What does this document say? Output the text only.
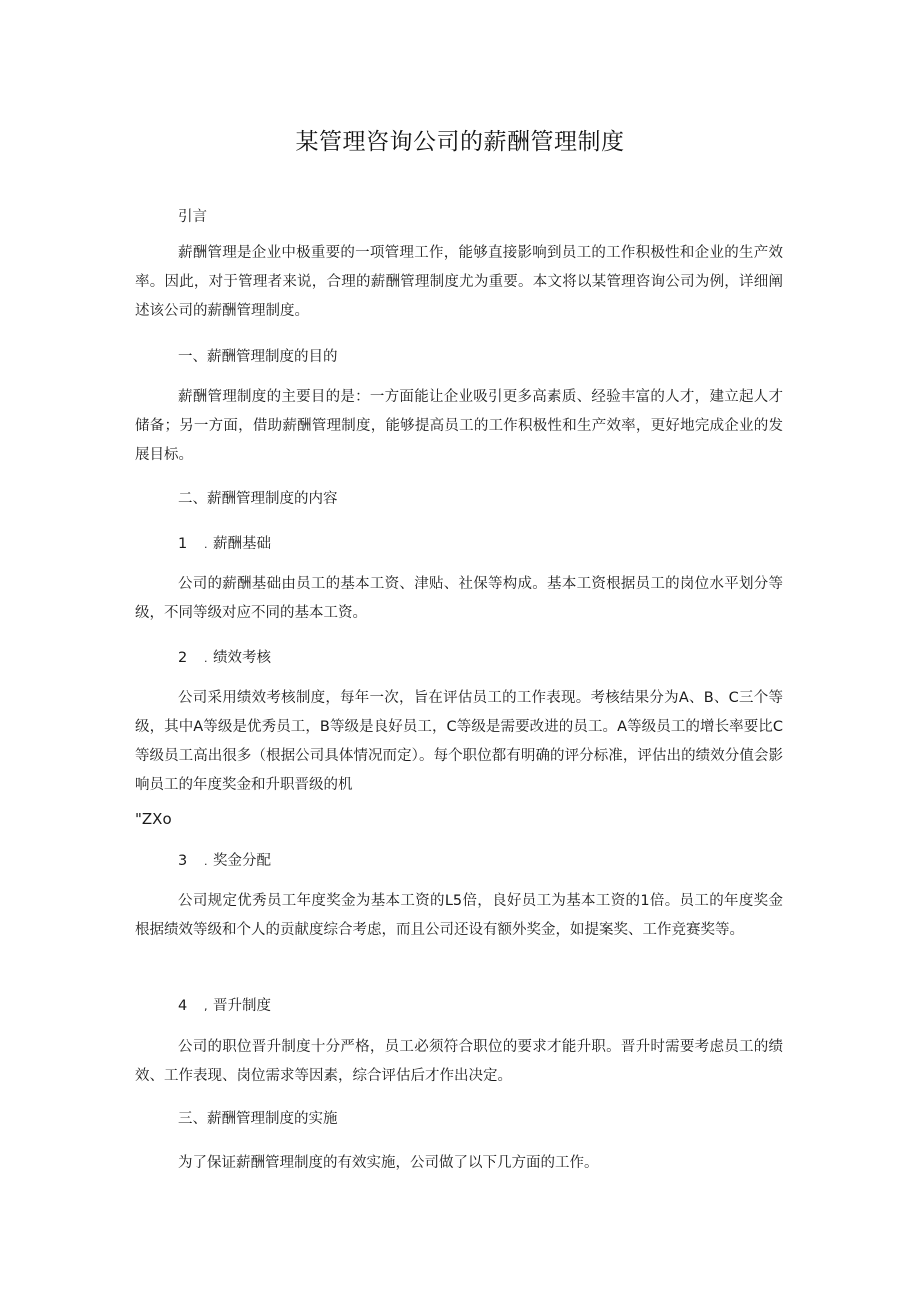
某管理咨询公司的薪酬管理制度
引言
薪酬管理是企业中极重要的一项管理工作，能够直接影响到员工的工作积极性和企业的生产效率。因此，对于管理者来说，合理的薪酬管理制度尤为重要。本文将以某管理咨询公司为例，详细阐述该公司的薪酬管理制度。
一、薪酬管理制度的目的
薪酬管理制度的主要目的是：一方面能让企业吸引更多高素质、经验丰富的人才，建立起人才储备；另一方面，借助薪酬管理制度，能够提高员工的工作积极性和生产效率，更好地完成企业的发展目标。
二、薪酬管理制度的内容
1 . 薪酬基础
公司的薪酬基础由员工的基本工资、津贴、社保等构成。基本工资根据员工的岗位水平划分等级，不同等级对应不同的基本工资。
2 . 绩效考核
公司采用绩效考核制度，每年一次，旨在评估员工的工作表现。考核结果分为A、B、C三个等级，其中A等级是优秀员工，B等级是良好员工，C等级是需要改进的员工。A等级员工的增长率要比C等级员工高出很多（根据公司具体情况而定）。每个职位都有明确的评分标准，评估出的绩效分值会影响员工的年度奖金和升职晋级的机
"ZXo
3 . 奖金分配
公司规定优秀员工年度奖金为基本工资的L5倍，良好员工为基本工资的1倍。员工的年度奖金根据绩效等级和个人的贡献度综合考虑，而且公司还设有额外奖金，如提案奖、工作竞赛奖等。
4 , 晋升制度
公司的职位晋升制度十分严格，员工必须符合职位的要求才能升职。晋升时需要考虑员工的绩效、工作表现、岗位需求等因素，综合评估后才作出决定。
三、薪酬管理制度的实施
为了保证薪酬管理制度的有效实施，公司做了以下几方面的工作。
